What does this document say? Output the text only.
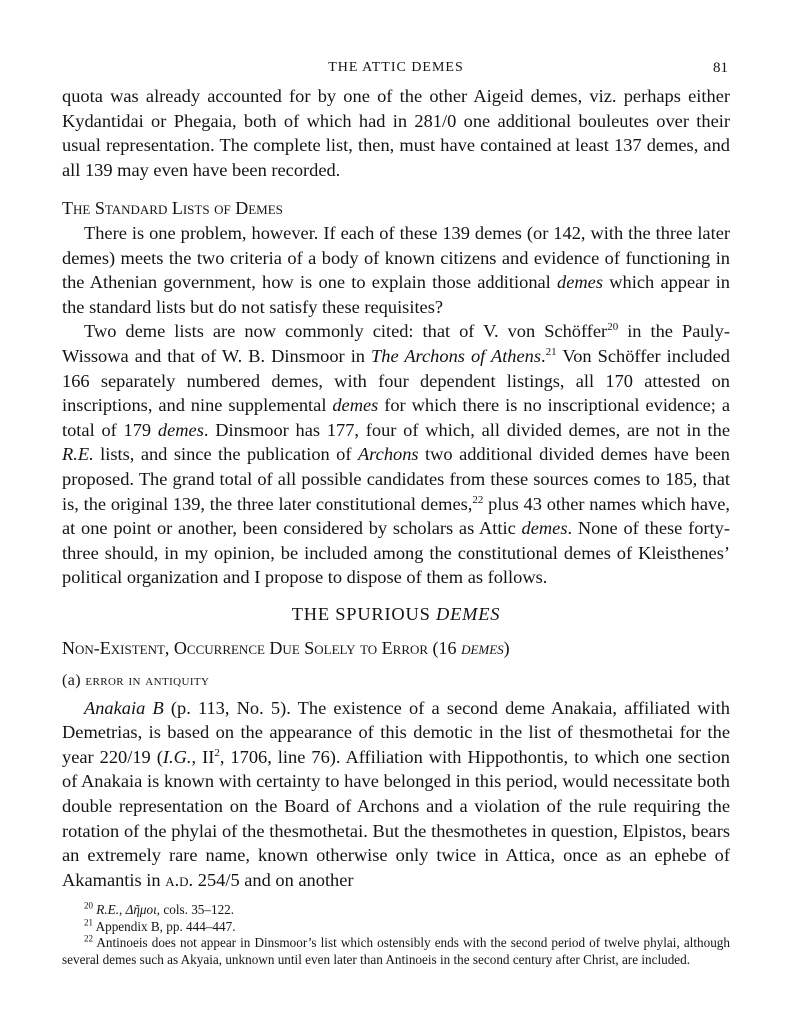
THE ATTIC DEMES	81

quota was already accounted for by one of the other Aigeid demes, viz. perhaps either Kydantidai or Phegaia, both of which had in 281/0 one additional bouleutes over their usual representation. The complete list, then, must have contained at least 137 demes, and all 139 may even have been recorded.

The Standard Lists of Demes

There is one problem, however. If each of these 139 demes (or 142, with the three later demes) meets the two criteria of a body of known citizens and evidence of functioning in the Athenian government, how is one to explain those additional demes which appear in the standard lists but do not satisfy these requisites?

Two deme lists are now commonly cited: that of V. von Schöffer$^{20}$ in the Pauly-Wissowa and that of W. B. Dinsmoor in The Archons of Athens.$^{21}$ Von Schöffer included 166 separately numbered demes, with four dependent listings, all 170 attested on inscriptions, and nine supplemental demes for which there is no inscriptional evidence; a total of 179 demes. Dinsmoor has 177, four of which, all divided demes, are not in the R.E. lists, and since the publication of Archons two additional divided demes have been proposed. The grand total of all possible candidates from these sources comes to 185, that is, the original 139, the three later constitutional demes,$^{22}$ plus 43 other names which have, at one point or another, been considered by scholars as Attic demes. None of these forty-three should, in my opinion, be included among the constitutional demes of Kleisthenes’ political organization and I propose to dispose of them as follows.

THE SPURIOUS DEMES
Non-Existent, Occurrence Due Solely to Error (16 demes)
(a) error in antiquity

Anakaia B (p. 113, No. 5). The existence of a second deme Anakaia, affiliated with Demetrias, is based on the appearance of this demotic in the list of thesmothetai for the year 220/19 (I.G., $II^2$, 1706, line 76). Affiliation with Hippothontis, to which one section of Anakaia is known with certainty to have belonged in this period, would necessitate both double representation on the Board of Archons and a violation of the rule requiring the rotation of the phylai of the thesmothetai. But the thesmothetes in question, Elpistos, bears an extremely rare name, known otherwise only twice in Attica, once as an ephebe of Akamantis in a.d. 254/5 and on another

$^{20}$ R.E., Δῆμοι, cols. 35–122.

$^{21}$ Appendix B, pp. 444–447.

$^{22}$ Antinoeis does not appear in Dinsmoor’s list which ostensibly ends with the second period of twelve phylai, although several demes such as Akyaia, unknown until even later than Antinoeis in the second century after Christ, are included.
